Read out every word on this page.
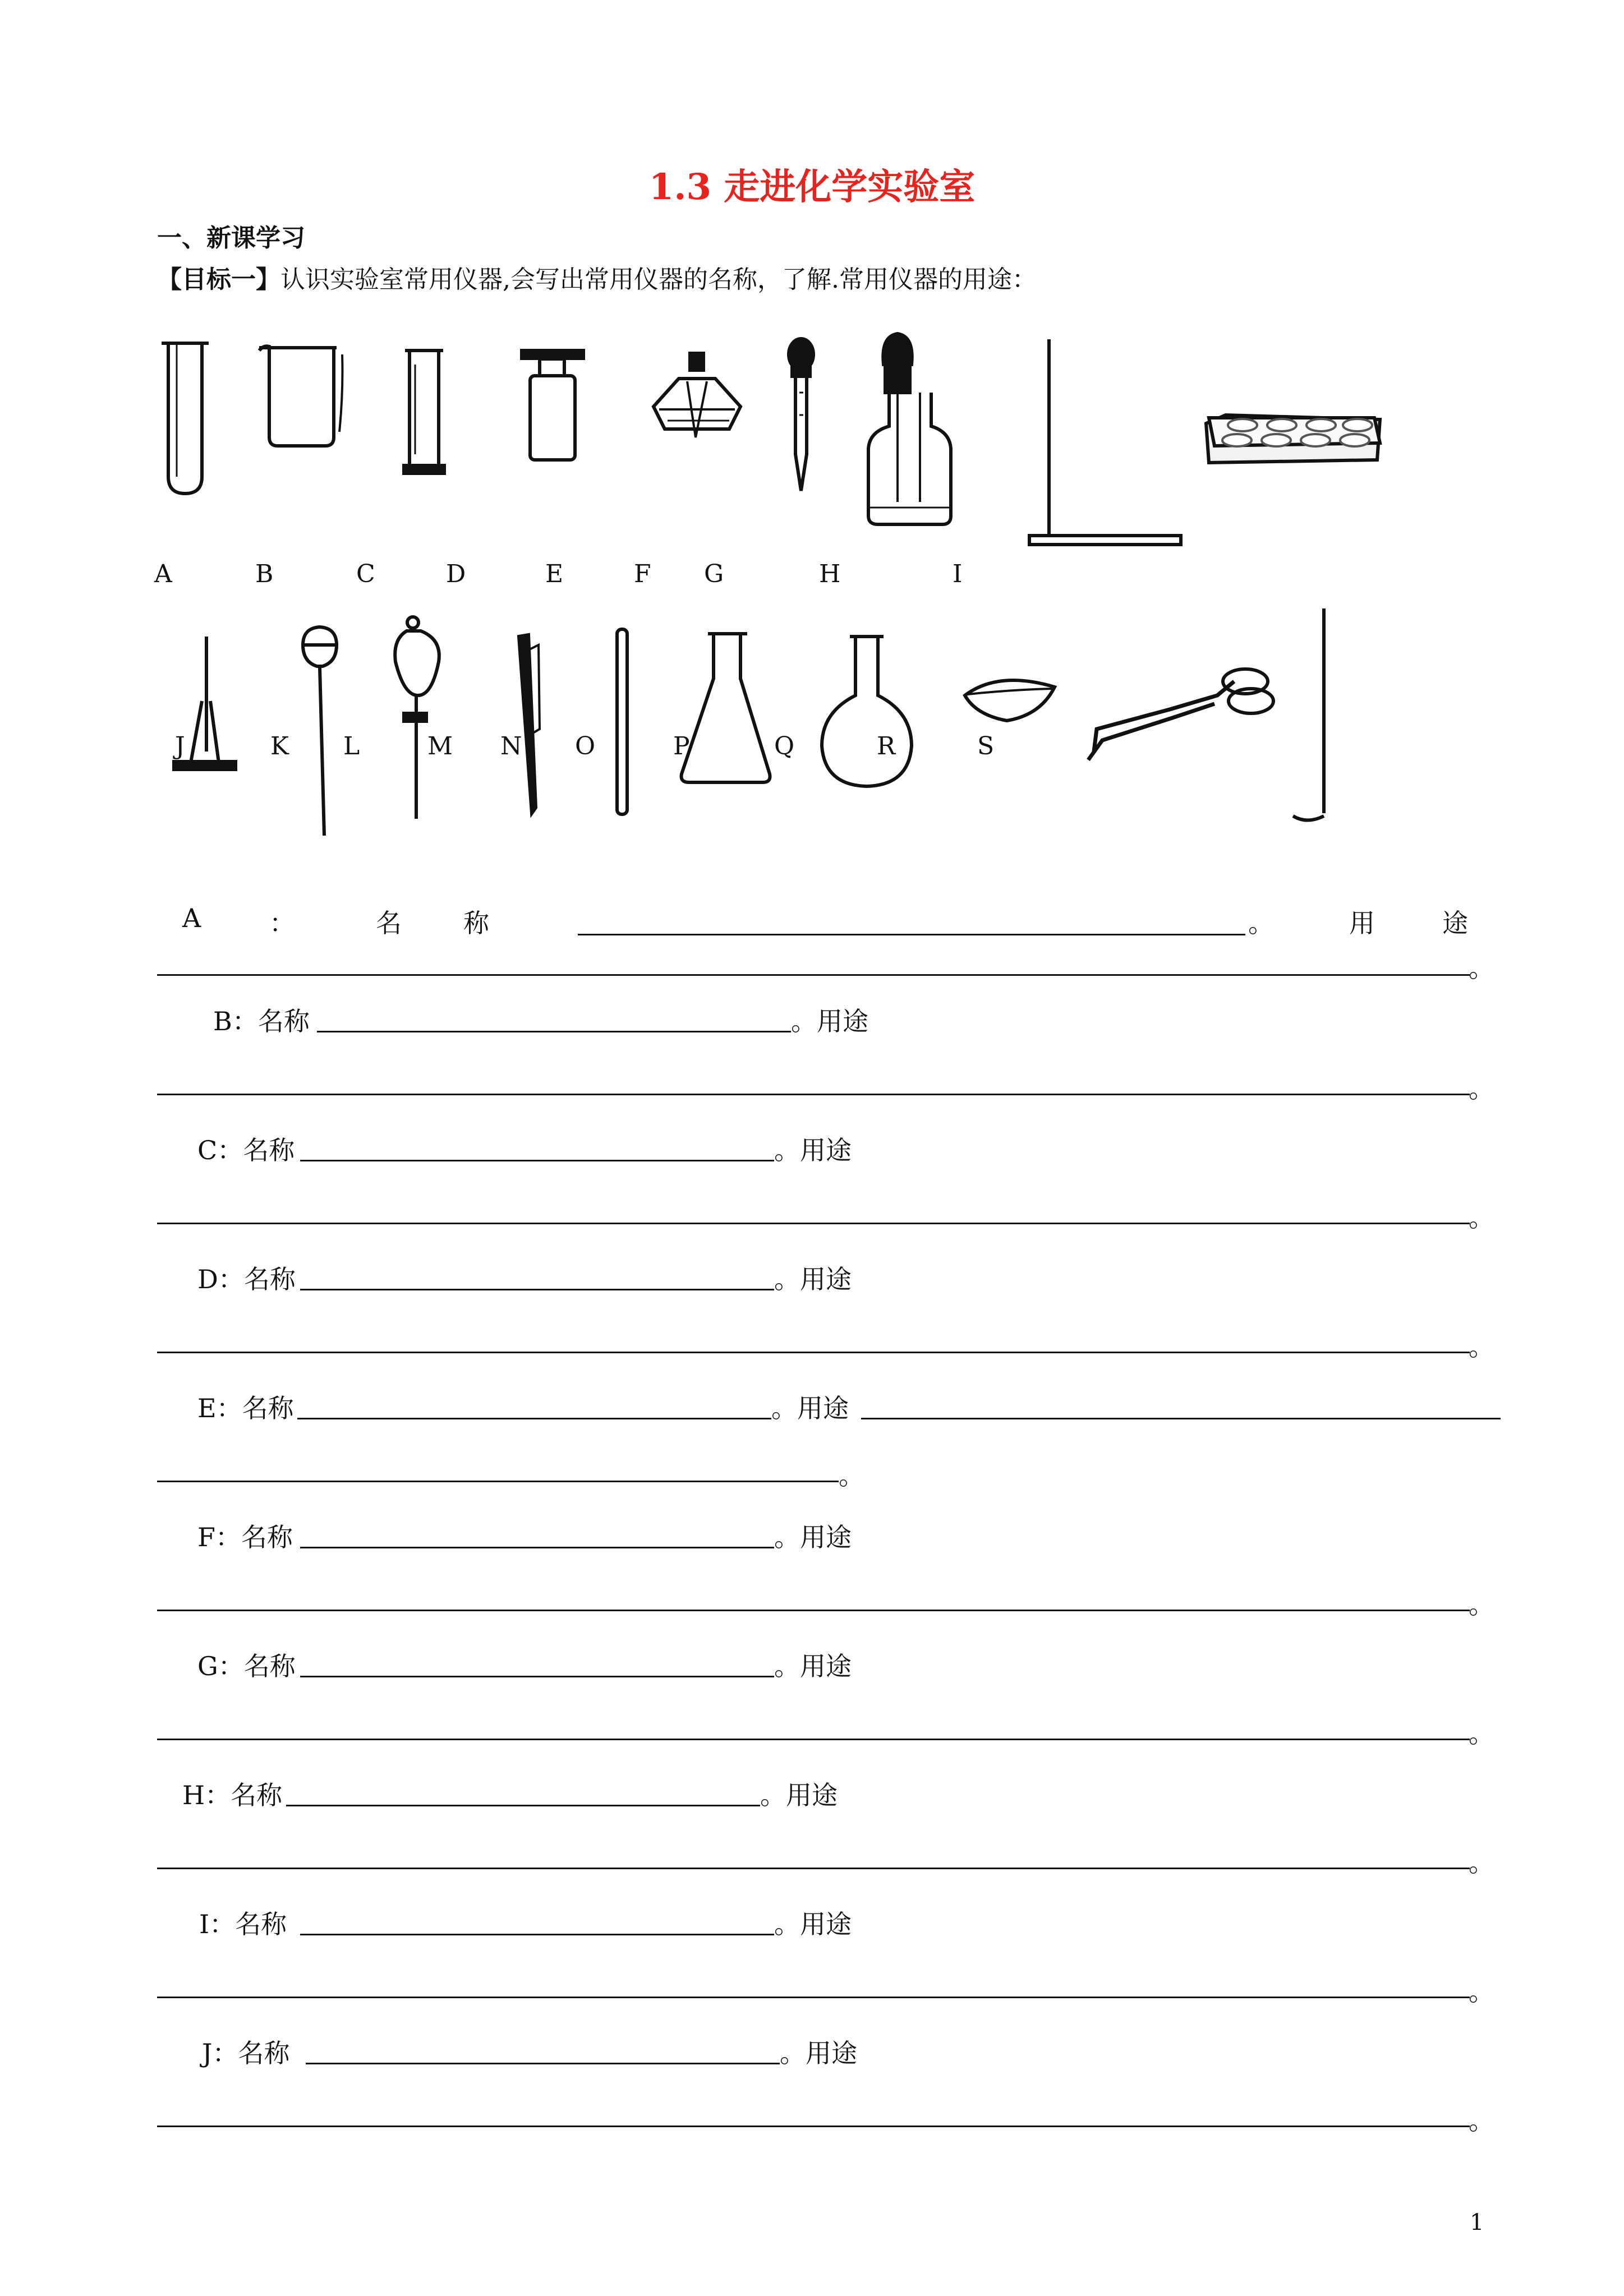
1.3 走进化学实验室
一、新课学习
【目标一】认识实验室常用仪器,会写出常用仪器的名称，了解.常用仪器的用途：
A	B	C	D	E	F G	H	I
J	K L	M N O	P	Q	R	S
A	：	名称	。	用途
。
B：名称	。用途
。
C：名称	。用途
。
D：名称	。用途
。
E：名称	。用途
。
F：名称	。用途
。
G：名称	。用途
。
H：名称	。用途
。
I：名称	。用途
。
J：名称	。用途
。
1
